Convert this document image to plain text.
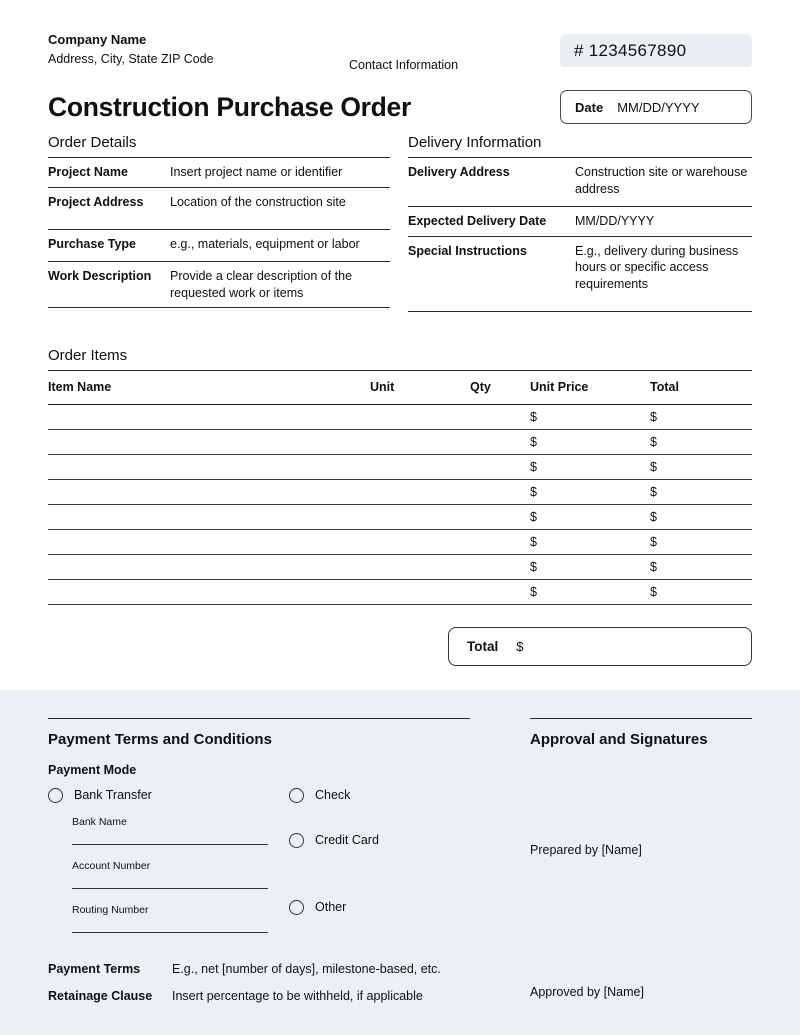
Company Name
Address, City, State ZIP Code	Contact Information
# 1234567890
Construction Purchase Order	Date MM/DD/YYYY
Order Details
Project Name	Insert project name or identifier
Project Address	Location of the construction site
Purchase Type	e.g., materials, equipment or labor
Work Description	Provide a clear description of the requested work or items
Delivery Information
Delivery Address	Construction site or warehouse address
Expected Delivery Date	MM/DD/YYYY
Special Instructions	E.g., delivery during business hours or specific access requirements
Order Items
Item Name	Unit	Qty	Unit Price	Total
			$	$
			$	$
			$	$
			$	$
			$	$
			$	$
			$	$
			$	$
Total $
Payment Terms and Conditions
Payment Mode
Bank Transfer
Bank Name
Account Number
Routing Number
Check
Credit Card
Other
Payment Terms	E.g., net [number of days], milestone-based, etc.
Retainage Clause	Insert percentage to be withheld, if applicable
Approval and Signatures
Prepared by [Name]
Approved by [Name]
